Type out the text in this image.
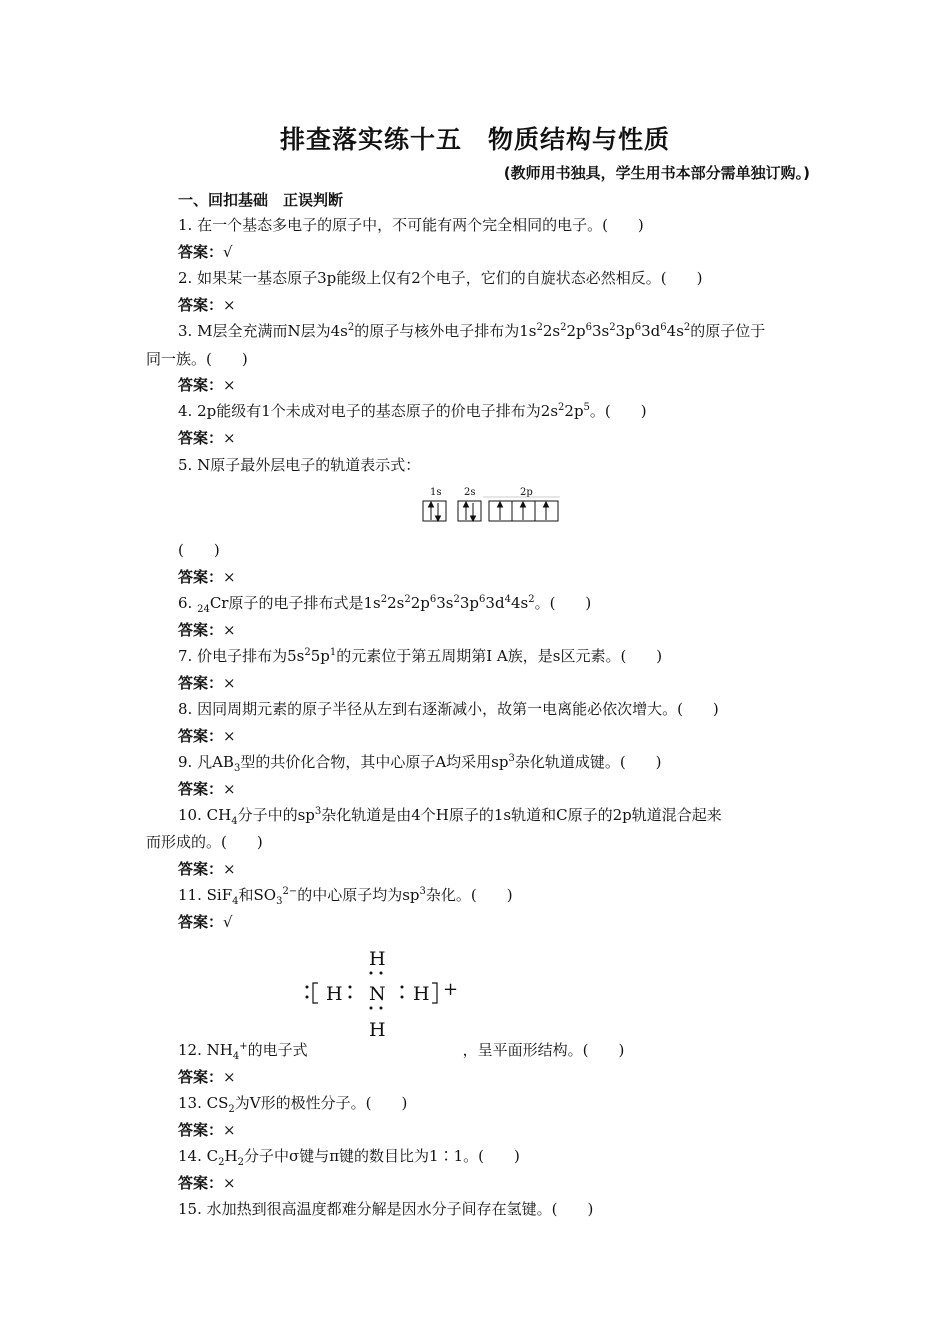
排查落实练十五　物质结构与性质
(教师用书独具，学生用书本部分需单独订购。)
一、回扣基础　正误判断
1. 在一个基态多电子的原子中，不可能有两个完全相同的电子。(　　)
答案：√
2. 如果某一基态原子3p能级上仅有2个电子，它们的自旋状态必然相反。(　　)
答案：×
3. M层全充满而N层为$4s^2$的原子与核外电子排布为$1s^22s^22p^63s^23p^63d^64s^2$的原子位于
同一族。(　　)
答案：×
4. 2p能级有1个未成对电子的基态原子的价电子排布为$2s^22p^5$。(　　)
答案：×
5. N原子最外层电子的轨道表示式：
1s 2s	2p
(　　)
答案：×
6. $_{24}$Cr原子的电子排布式是$1s^22s^22p^63s^23p^63d^44s^2$。(　　)
答案：×
7. 价电子排布为$5s^25p^1$的元素位于第五周期第Ⅰ A族，是s区元素。(　　)
答案：×
8. 因同周期元素的原子半径从左到右逐渐减小，故第一电离能必依次增大。(　　)
答案：×
9. 凡$AB_3$型的共价化合物，其中心原子A均采用$sp^3$杂化轨道成键。(　　)
答案：×
10. $CH_4$分子中的$sp^3$杂化轨道是由4个H原子的1s轨道和C原子的2p轨道混合起来
而形成的。(　　)
答案：×
11. SiF$_4$和$SO_3^{2-}$的中心原子均为$sp^3$杂化。(　　)
答案：√
H
N
H
H	H +
12. $NH_4^+$的电子式	，呈平面形结构。(　　)
答案：×
13. $CS_2$为V形的极性分子。(　　)
答案：×
14. $C_2H_2$分子中σ键与π键的数目比为1∶1。(　　)
答案：×
15. 水加热到很高温度都难分解是因水分子间存在氢键。(　　)
